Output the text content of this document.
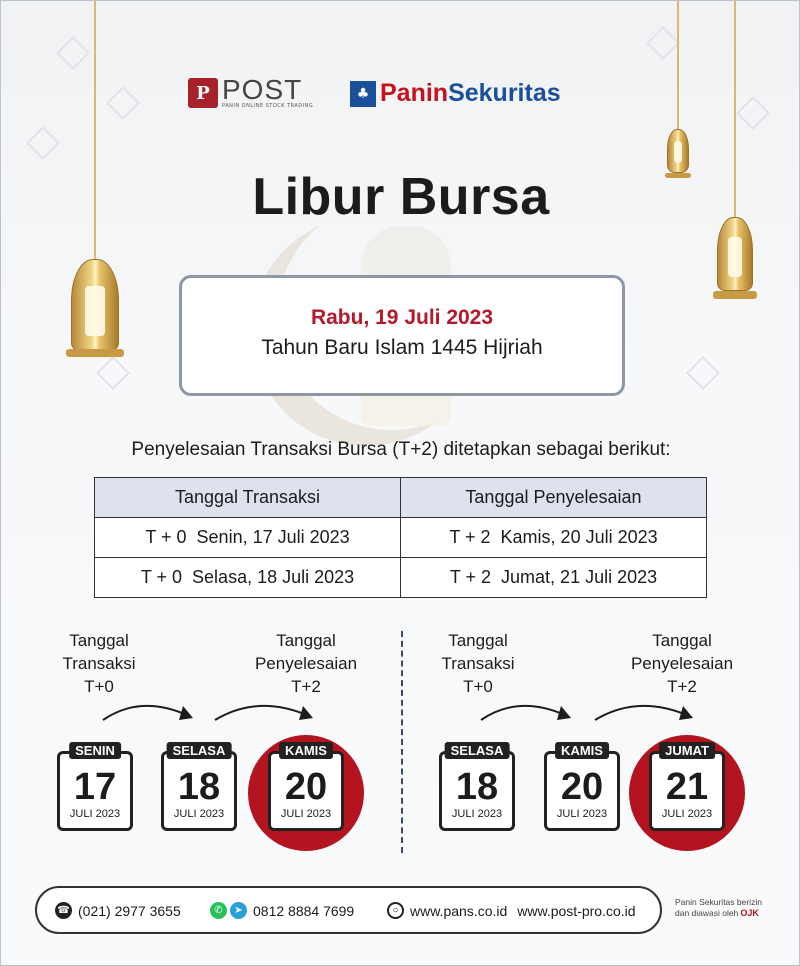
P POST
PANIN ONLINE STOCK TRADING
♣ PaninSekuritas
Libur Bursa
Rabu, 19 Juli 2023
Tahun Baru Islam 1445 Hijriah
Penyelesaian Transaksi Bursa (T+2) ditetapkan sebagai berikut:
Tanggal Transaksi	Tanggal Penyelesaian
T + 0  Senin, 17 Juli 2023	T + 2  Kamis, 20 Juli 2023
T + 0  Selasa, 18 Juli 2023	T + 2  Jumat, 21 Juli 2023
Tanggal
Transaksi
T+0
Tanggal
Penyelesaian
T+2
SENIN
17
JULI 2023
SELASA
18
JULI 2023
KAMIS
20
JULI 2023
Tanggal
Transaksi
T+0
Tanggal
Penyelesaian
T+2
SELASA
18
JULI 2023
KAMIS
20
JULI 2023
JUMAT
21
JULI 2023
☎ (021) 2977 3655	✆	➤ 0812 8884 7699	○ www.pans.co.id www.post-pro.co.id
Panin Sekuritas berizin
dan diawasi oleh OJK
